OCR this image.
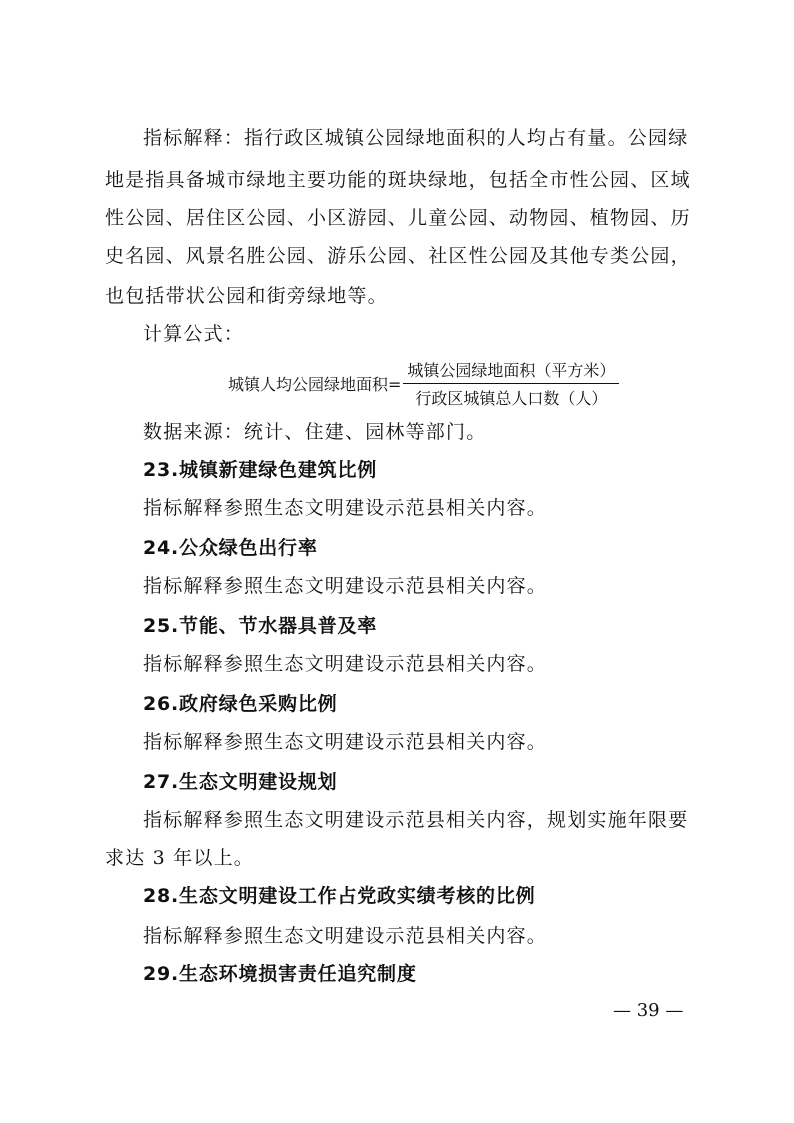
指标解释：指行政区城镇公园绿地面积的人均占有量。公园绿
地是指具备城市绿地主要功能的斑块绿地，包括全市性公园、区域
性公园、居住区公园、小区游园、儿童公园、动物园、植物园、历
史名园、风景名胜公园、游乐公园、社区性公园及其他专类公园，
也包括带状公园和街旁绿地等。
计算公式：
城镇人均公园绿地面积= $\frac{\text{城镇公园绿地面积（平方米）}}{\text{行政区城镇总人口数（人）}}$
数据来源：统计、住建、园林等部门。
23.城镇新建绿色建筑比例
指标解释参照生态文明建设示范县相关内容。
24.公众绿色出行率
指标解释参照生态文明建设示范县相关内容。
25.节能、节水器具普及率
指标解释参照生态文明建设示范县相关内容。
26.政府绿色采购比例
指标解释参照生态文明建设示范县相关内容。
27.生态文明建设规划
指标解释参照生态文明建设示范县相关内容，规划实施年限要
求达 3 年以上。
28.生态文明建设工作占党政实绩考核的比例
指标解释参照生态文明建设示范县相关内容。
29.生态环境损害责任追究制度
— 39 —
